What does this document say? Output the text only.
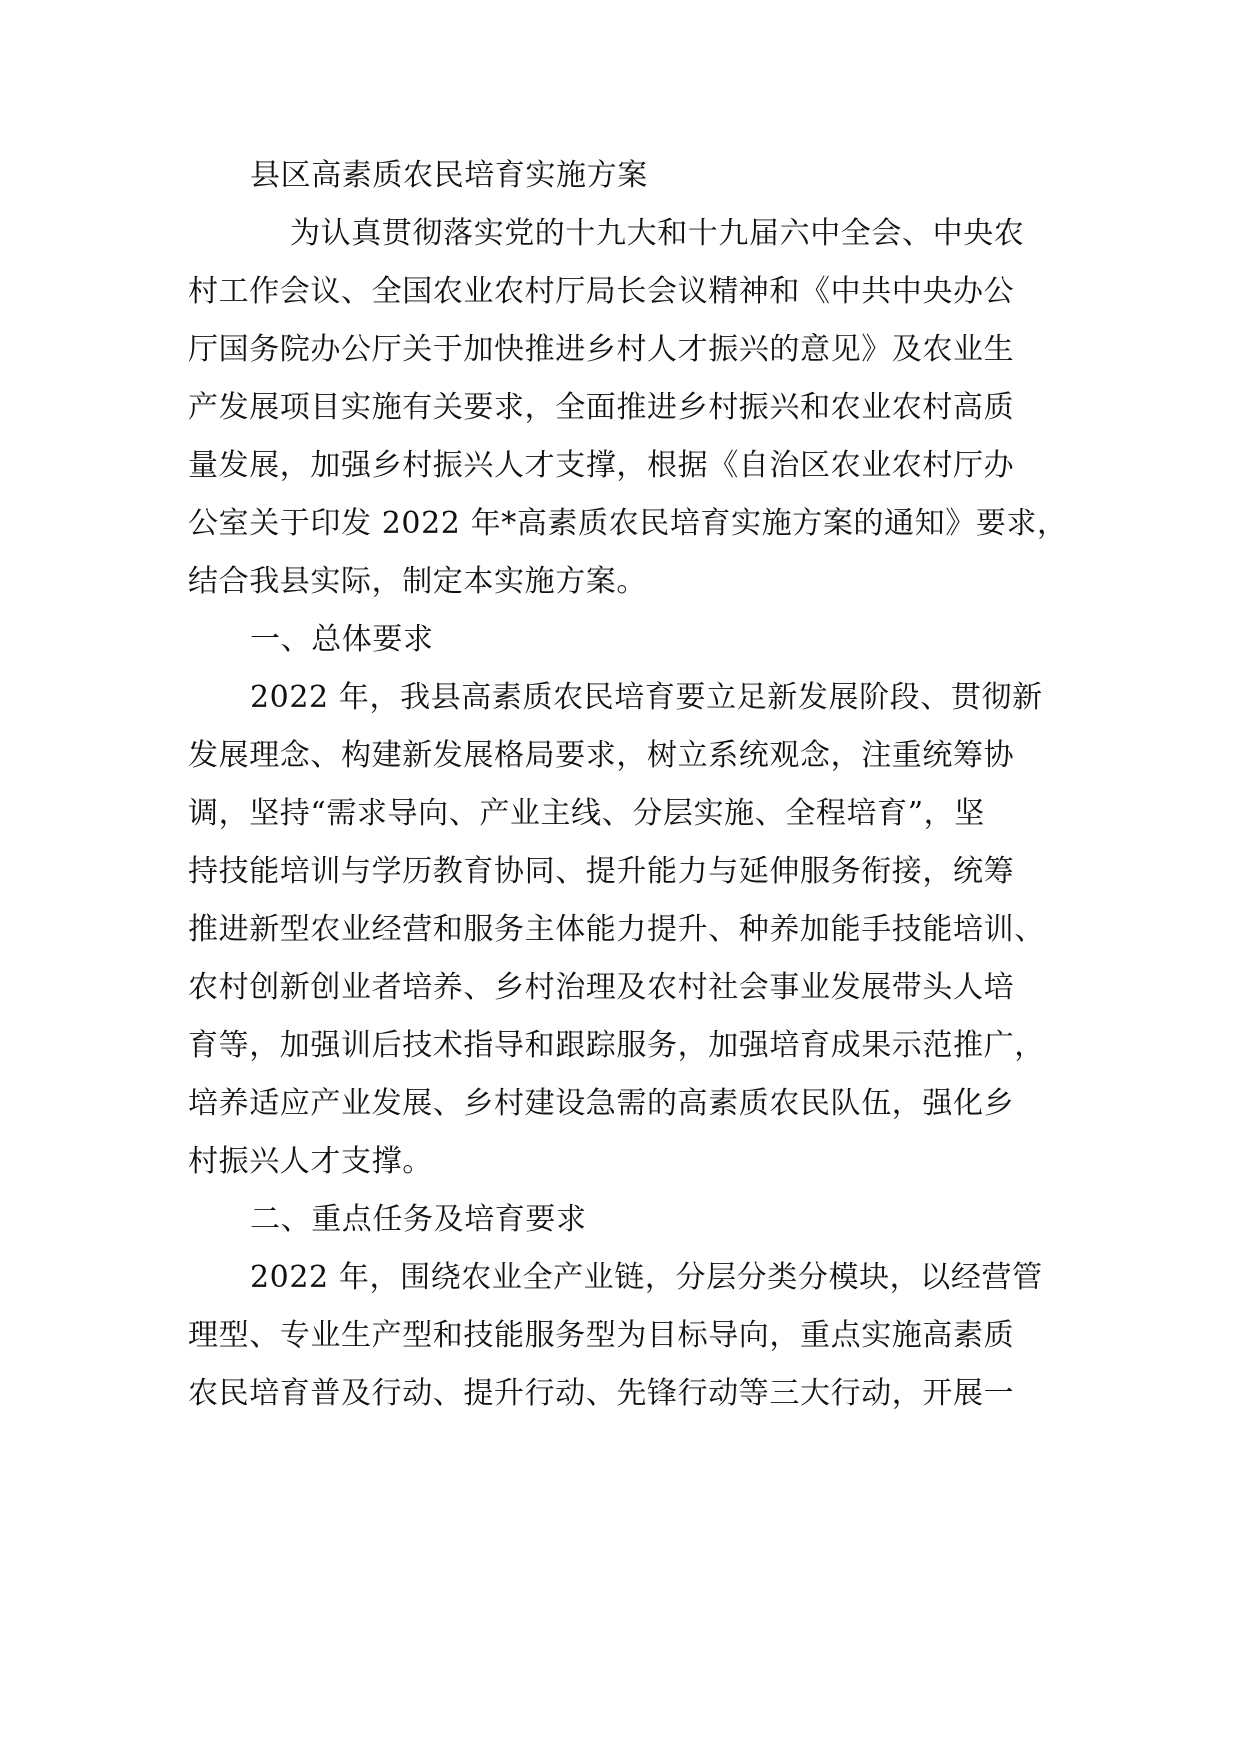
县区高素质农民培育实施方案
为认真贯彻落实党的十九大和十九届六中全会、中央农
村工作会议、全国农业农村厅局长会议精神和《中共中央办公
厅国务院办公厅关于加快推进乡村人才振兴的意见》及农业生
产发展项目实施有关要求，全面推进乡村振兴和农业农村高质
量发展，加强乡村振兴人才支撑，根据《自治区农业农村厅办
公室关于印发 2022 年*高素质农民培育实施方案的通知》要求，
结合我县实际，制定本实施方案。
一、总体要求
2022 年，我县高素质农民培育要立足新发展阶段、贯彻新
发展理念、构建新发展格局要求，树立系统观念，注重统筹协
调，坚持“需求导向、产业主线、分层实施、全程培育”，坚
持技能培训与学历教育协同、提升能力与延伸服务衔接，统筹
推进新型农业经营和服务主体能力提升、种养加能手技能培训、
农村创新创业者培养、乡村治理及农村社会事业发展带头人培
育等，加强训后技术指导和跟踪服务，加强培育成果示范推广，
培养适应产业发展、乡村建设急需的高素质农民队伍，强化乡
村振兴人才支撑。
二、重点任务及培育要求
2022 年，围绕农业全产业链，分层分类分模块，以经营管
理型、专业生产型和技能服务型为目标导向，重点实施高素质
农民培育普及行动、提升行动、先锋行动等三大行动，开展一
